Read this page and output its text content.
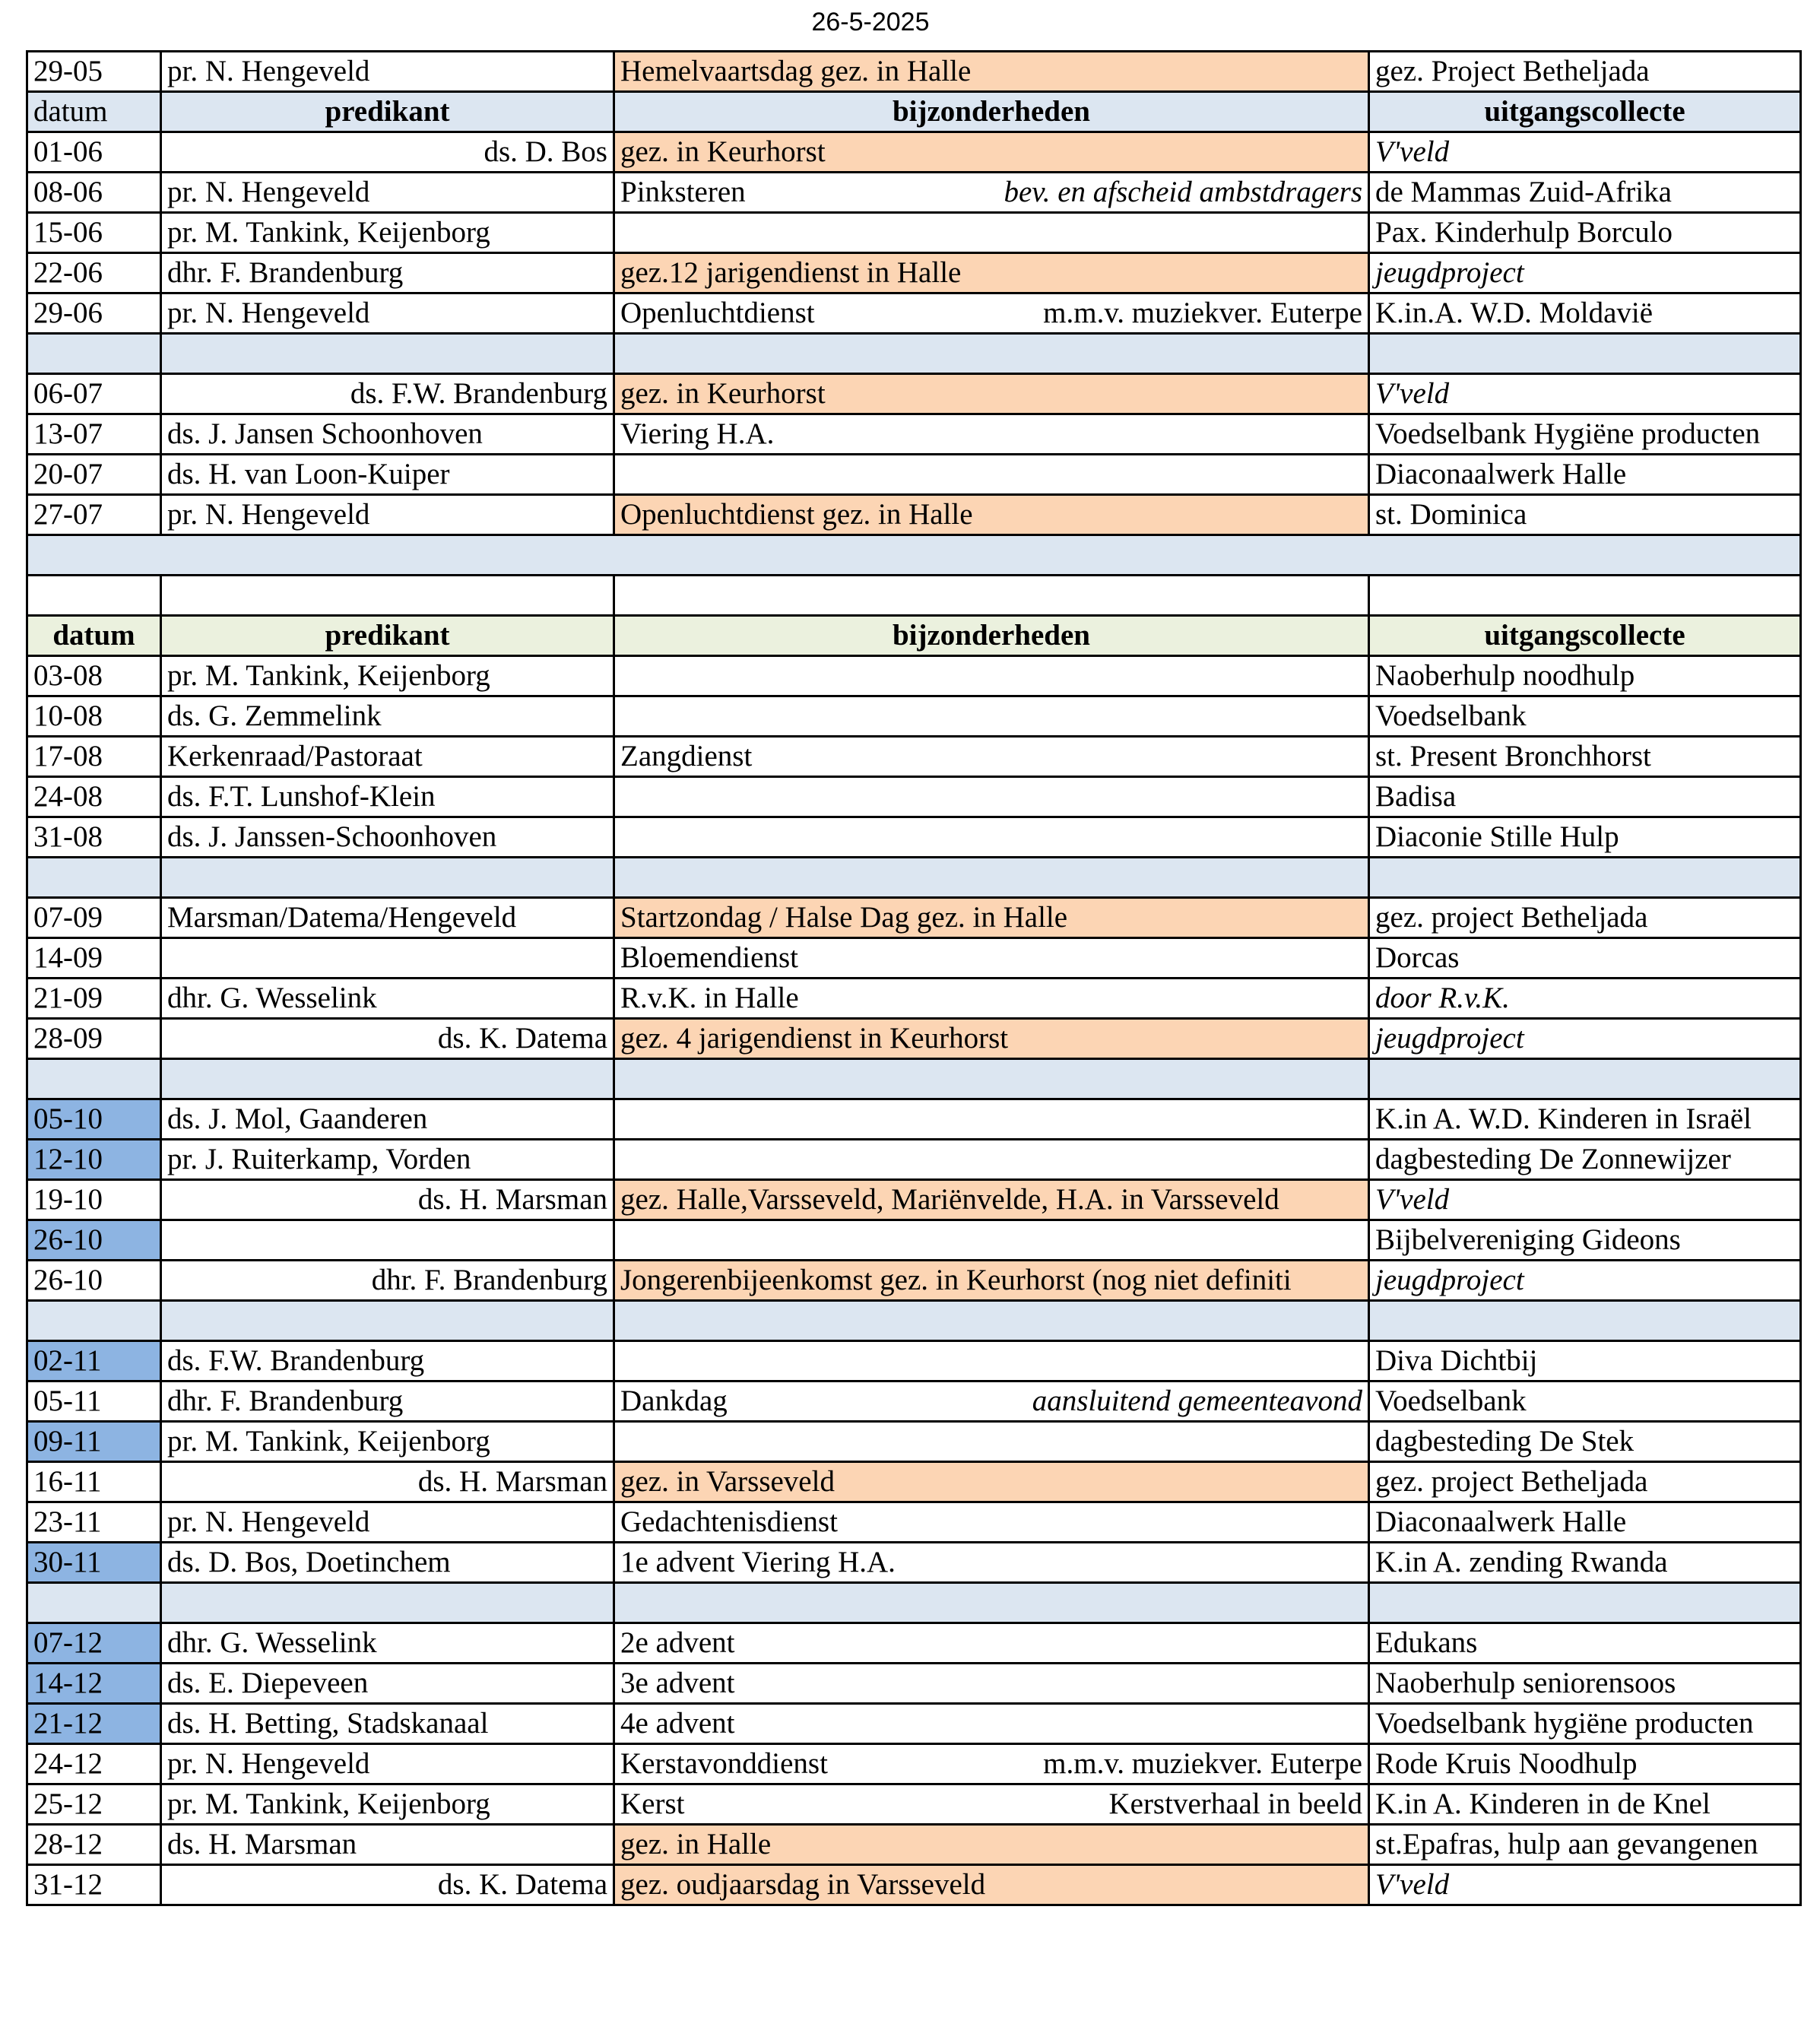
26-5-2025
29-05	pr. N. Hengeveld	Hemelvaartsdag gez. in Halle	gez. Project Betheljada
datum	predikant	bijzonderheden	uitgangscollecte
01-06	ds. D. Bos	gez. in Keurhorst	V'veld
08-06	pr. N. Hengeveld	Pinksteren bev. en afscheid ambstdragers	de Mammas Zuid-Afrika
15-06	pr. M. Tankink, Keijenborg		Pax. Kinderhulp Borculo
22-06	dhr. F. Brandenburg	gez.12 jarigendienst in Halle	jeugdproject
29-06	pr. N. Hengeveld	Openluchtdienst m.m.v. muziekver. Euterpe	K.in.A. W.D. Moldavië

06-07	ds. F.W. Brandenburg	gez. in Keurhorst	V'veld
13-07	ds. J. Jansen Schoonhoven	Viering H.A.	Voedselbank Hygiëne producten
20-07	ds. H. van Loon-Kuiper		Diaconaalwerk Halle
27-07	pr. N. Hengeveld	Openluchtdienst gez. in Halle	st. Dominica

datum	predikant	bijzonderheden	uitgangscollecte
03-08	pr. M. Tankink, Keijenborg		Naoberhulp noodhulp
10-08	ds. G. Zemmelink		Voedselbank
17-08	Kerkenraad/Pastoraat	Zangdienst	st. Present Bronchhorst
24-08	ds. F.T. Lunshof-Klein		Badisa
31-08	ds. J. Janssen-Schoonhoven		Diaconie Stille Hulp

07-09	Marsman/Datema/Hengeveld	Startzondag / Halse Dag gez. in Halle	gez. project Betheljada
14-09		Bloemendienst	Dorcas
21-09	dhr. G. Wesselink	R.v.K. in Halle	door R.v.K.
28-09	ds. K. Datema	gez. 4 jarigendienst in Keurhorst	jeugdproject

05-10	ds. J. Mol, Gaanderen		K.in A. W.D. Kinderen in Israël
12-10	pr. J. Ruiterkamp, Vorden		dagbesteding De Zonnewijzer
19-10	ds. H. Marsman	gez. Halle,Varsseveld, Mariënvelde, H.A. in Varsseveld	V'veld
26-10			Bijbelvereniging Gideons
26-10	dhr. F. Brandenburg	Jongerenbijeenkomst gez. in Keurhorst (nog niet definiti	jeugdproject

02-11	ds. F.W. Brandenburg		Diva Dichtbij
05-11	dhr. F. Brandenburg	Dankdag aansluitend gemeenteavond	Voedselbank
09-11	pr. M. Tankink, Keijenborg		dagbesteding De Stek
16-11	ds. H. Marsman	gez. in Varsseveld	gez. project Betheljada
23-11	pr. N. Hengeveld	Gedachtenisdienst	Diaconaalwerk Halle
30-11	ds. D. Bos, Doetinchem	1e advent Viering H.A.	K.in A. zending Rwanda

07-12	dhr. G. Wesselink	2e advent	Edukans
14-12	ds. E. Diepeveen	3e advent	Naoberhulp seniorensoos
21-12	ds. H. Betting, Stadskanaal	4e advent	Voedselbank hygiëne producten
24-12	pr. N. Hengeveld	Kerstavonddienst m.m.v. muziekver. Euterpe	Rode Kruis Noodhulp
25-12	pr. M. Tankink, Keijenborg	Kerst Kerstverhaal in beeld	K.in A. Kinderen in de Knel
28-12	ds. H. Marsman	gez. in Halle	st.Epafras, hulp aan gevangenen
31-12	ds. K. Datema	gez. oudjaarsdag in Varsseveld	V'veld
